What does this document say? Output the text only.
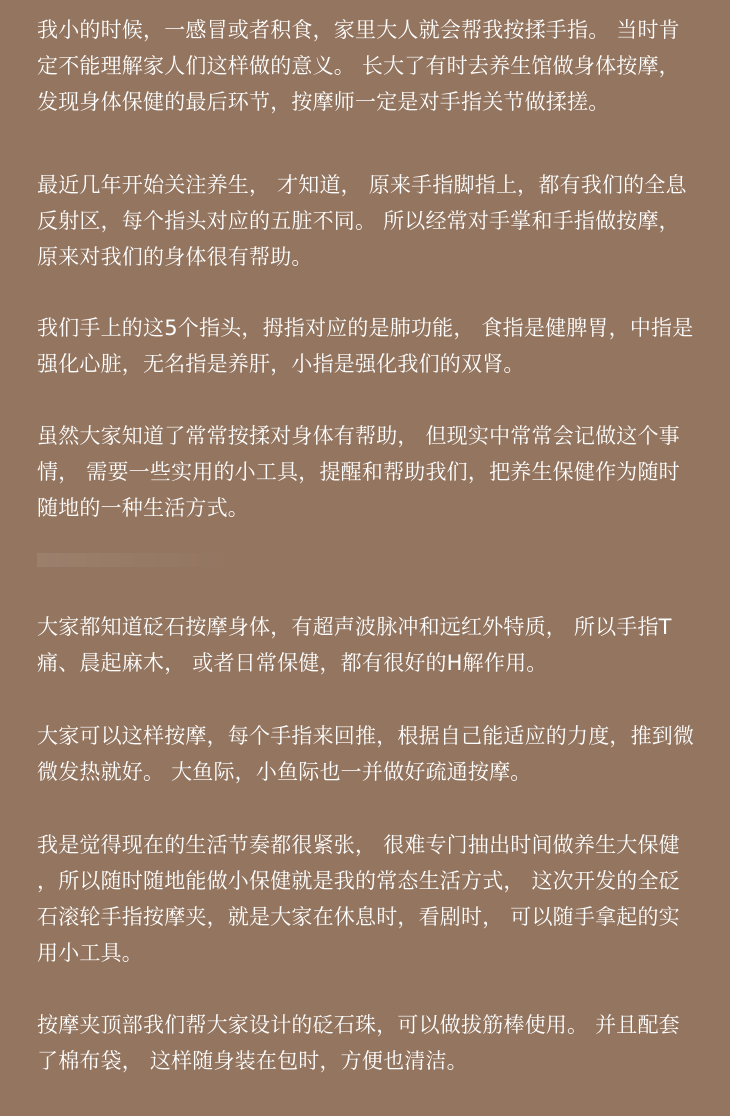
我小的时候，一感冒或者积食，家里大人就会帮我按揉手指。 当时肯
定不能理解家人们这样做的意义。 长大了有时去养生馆做身体按摩，
发现身体保健的最后环节，按摩师一定是对手指关节做揉搓。

最近几年开始关注养生， 才知道， 原来手指脚指上，都有我们的全息
反射区，每个指头对应的五脏不同。 所以经常对手掌和手指做按摩，
原来对我们的身体很有帮助。

我们手上的这5个指头，拇指对应的是肺功能， 食指是健脾胃，中指是
强化心脏，无名指是养肝，小指是强化我们的双肾。

虽然大家知道了常常按揉对身体有帮助， 但现实中常常会记做这个事
情， 需要一些实用的小工具，提醒和帮助我们，把养生保健作为随时
随地的一种生活方式。

大家都知道砭石按摩身体，有超声波脉冲和远红外特质， 所以手指T
痛、晨起麻木， 或者日常保健，都有很好的H解作用。

大家可以这样按摩，每个手指来回推，根据自己能适应的力度，推到微
微发热就好。 大鱼际，小鱼际也一并做好疏通按摩。

我是觉得现在的生活节奏都很紧张， 很难专门抽出时间做养生大保健
，所以随时随地能做小保健就是我的常态生活方式， 这次开发的全砭
石滚轮手指按摩夹，就是大家在休息时，看剧时， 可以随手拿起的实
用小工具。

按摩夹顶部我们帮大家设计的砭石珠，可以做拔筋棒使用。 并且配套
了棉布袋， 这样随身装在包时，方便也清洁。
